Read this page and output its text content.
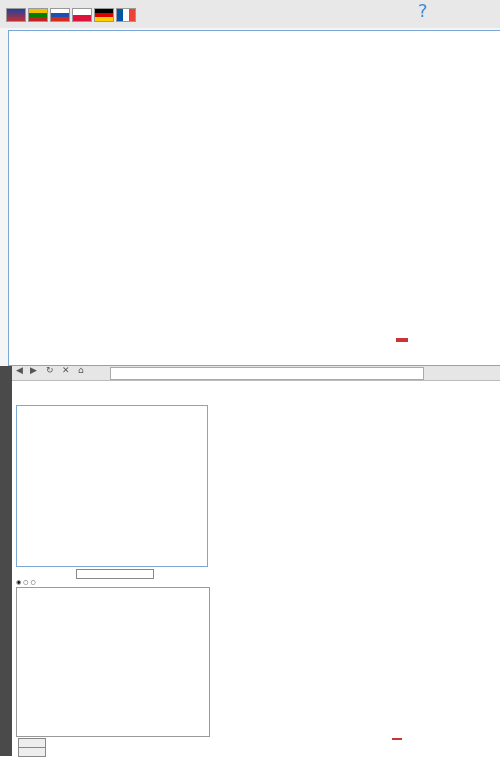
?
◀ ▶ ↻ ✕ ⌂
◉ ○ ○
